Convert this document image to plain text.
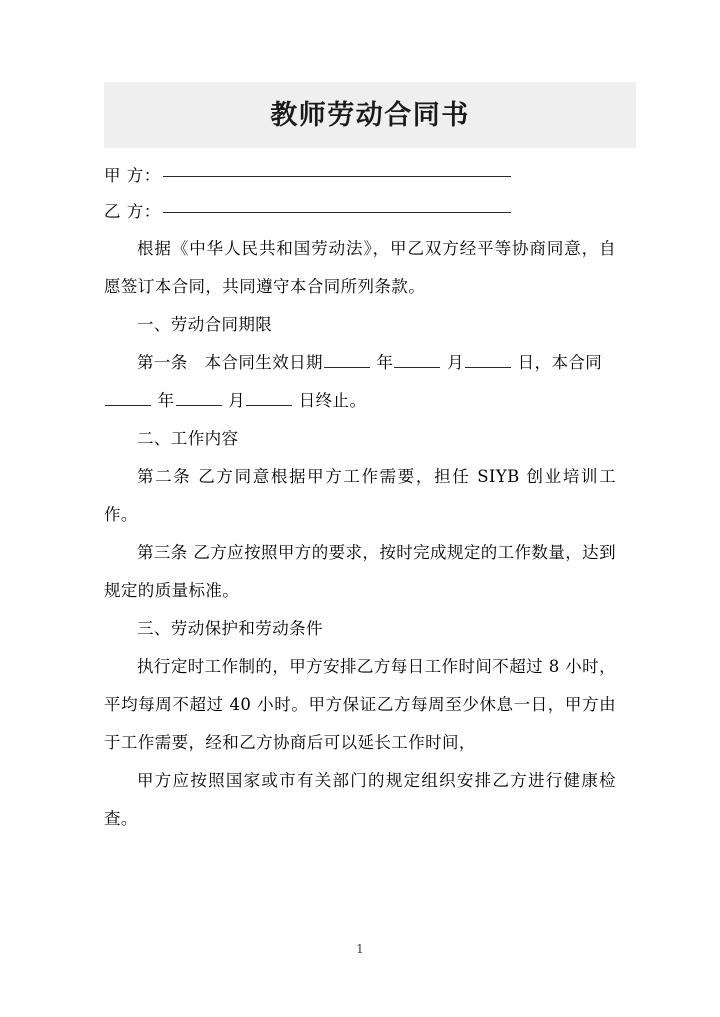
教师劳动合同书
甲 方：
乙 方：

根据《中华人民共和国劳动法》，甲乙双方经平等协商同意，自愿签订本合同，共同遵守本合同所列条款。

一、劳动合同期限

第一条　本合同生效日期	年	月	日，本合同

年	月	日终止。

二、工作内容

第二条 乙方同意根据甲方工作需要，担任 SIYB 创业培训工作。

第三条 乙方应按照甲方的要求，按时完成规定的工作数量，达到规定的质量标准。

三、劳动保护和劳动条件

执行定时工作制的，甲方安排乙方每日工作时间不超过 8 小时，平均每周不超过 40 小时。甲方保证乙方每周至少休息一日，甲方由于工作需要，经和乙方协商后可以延长工作时间，

甲方应按照国家或市有关部门的规定组织安排乙方进行健康检查。

1
